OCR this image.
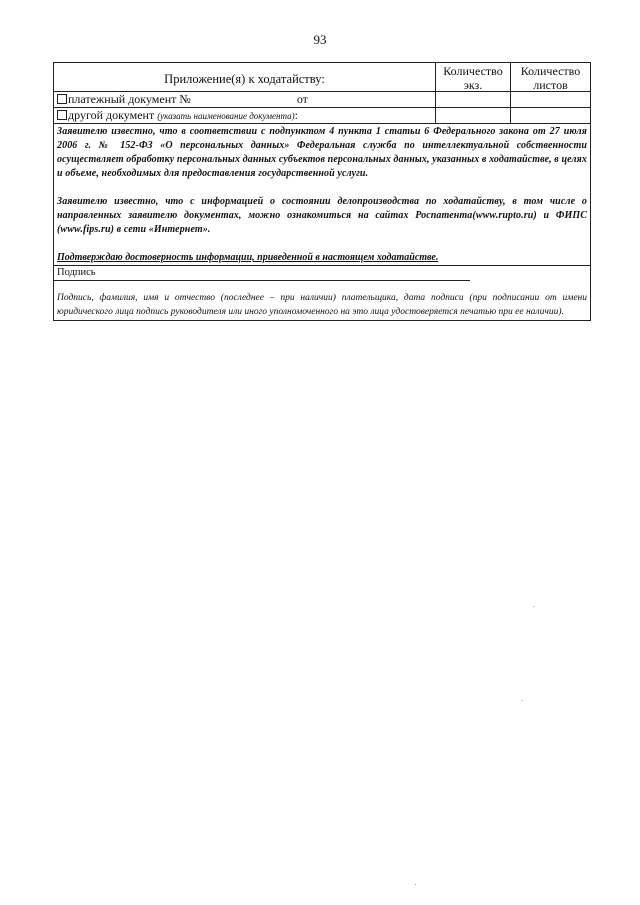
93
Приложение(я) к ходатайству:
Количество экз.
Количество листов
платежный документ №	от
другой документ (указать наименование документа):

Заявителю известно, что в соответствии с подпунктом 4 пункта 1 статьи 6 Федерального закона от 27 июля 2006 г. № 152-ФЗ «О персональных данных» Федеральная служба по интеллектуальной собственности осуществляет обработку персональных данных субъектов персональных данных, указанных в ходатайстве, в целях и объеме, необходимых для предоставления государственной услуги.

Заявителю известно, что с информацией о состоянии делопроизводства по ходатайству, в том числе о направленных заявителю документах, можно ознакомиться на сайтах Роспатента(www.rupto.ru) и ФИПС (www.fips.ru) в сети «Интернет».

Подтверждаю достоверность информации, приведенной в настоящем ходатайстве.
Подпись
Подпись, фамилия, имя и отчество (последнее – при наличии) плательщика, дата подписи (при подписании от имени юридического лица подпись руководителя или иного уполномоченного на это лица удостоверяется печатью при ее наличии).
